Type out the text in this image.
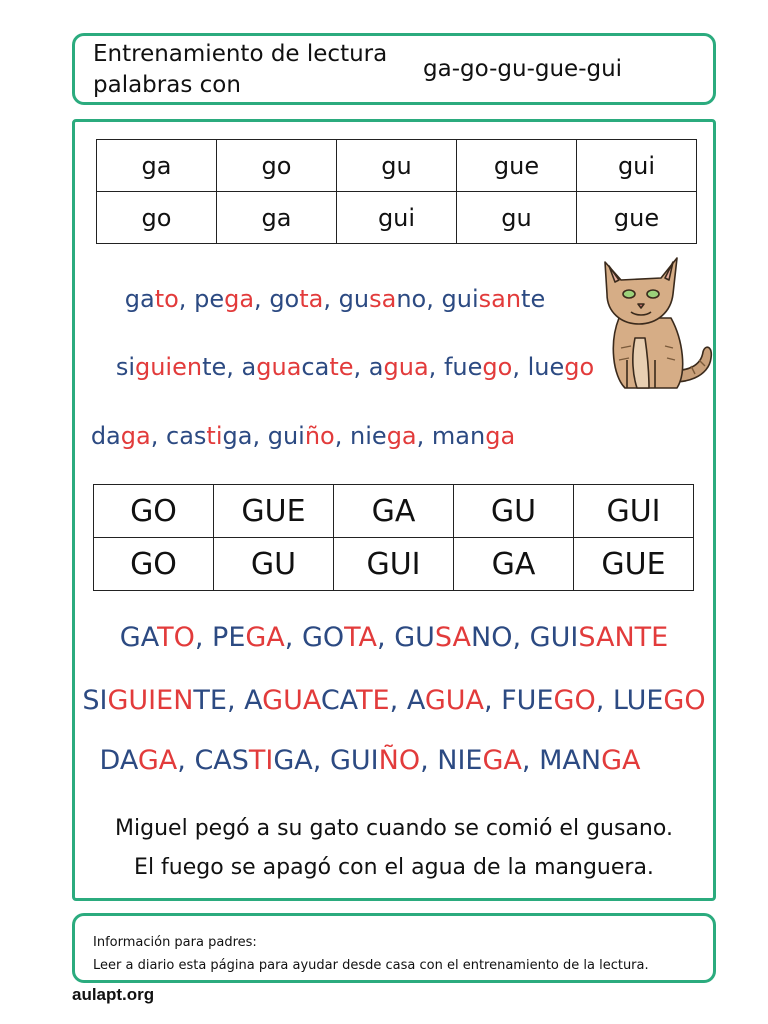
Entrenamiento de lectura palabras con
ga-go-gu-gue-gui
ga	go	gu	gue	gui
go	ga	gui	gu	gue
gato, pega, gota, gusano, guisante
siguiente, aguacate, agua, fuego, luego
daga, castiga, guiño, niega, manga
GO	GUE	GA	GU	GUI
GO	GU	GUI	GA	GUE
GATO, PEGA, GOTA, GUSANO, GUISANTE
SIGUIENTE, AGUACATE, AGUA, FUEGO, LUEGO
DAGA, CASTIGA, GUIÑO, NIEGA, MANGA
Miguel pegó a su gato cuando se comió el gusano.
El fuego se apagó con el agua de la manguera.
Información para padres:
Leer a diario esta página para ayudar desde casa con el entrenamiento de la lectura.
aulapt.org
